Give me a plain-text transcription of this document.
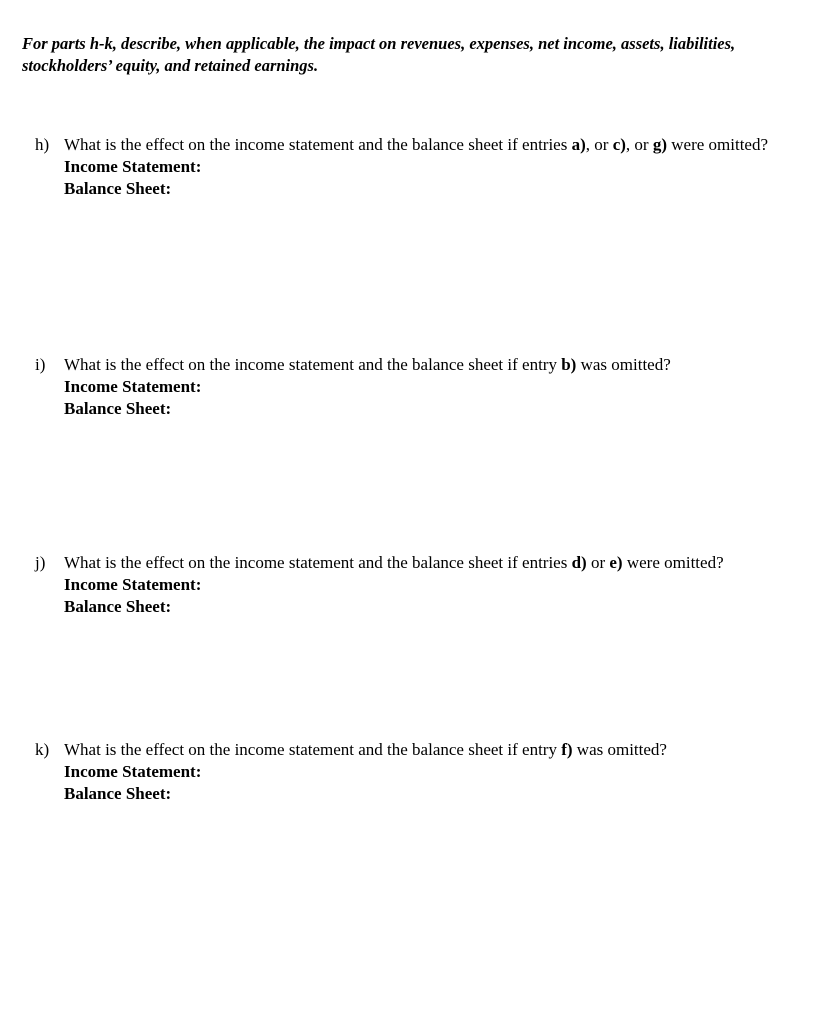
For parts h-k, describe, when applicable, the impact on revenues, expenses, net income, assets, liabilities, stockholders’ equity, and retained earnings.
h) What is the effect on the income statement and the balance sheet if entries a), or c), or g) were omitted?
Income Statement:
Balance Sheet:
i)	What is the effect on the income statement and the balance sheet if entry b) was omitted?
Income Statement:
Balance Sheet:
j)	What is the effect on the income statement and the balance sheet if entries d) or e) were omitted?
Income Statement:
Balance Sheet:
k) What is the effect on the income statement and the balance sheet if entry f) was omitted?
Income Statement:
Balance Sheet:
